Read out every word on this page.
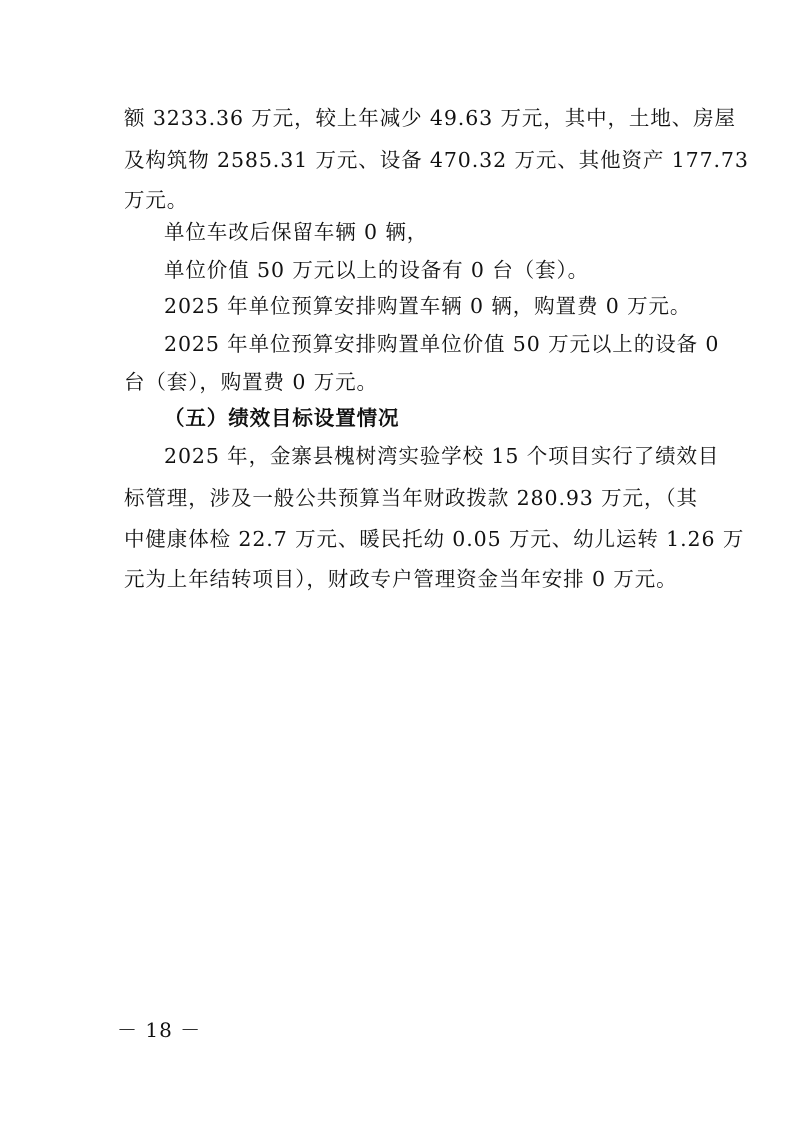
额 3233.36 万元，较上年减少 49.63 万元，其中，土地、房屋
及构筑物 2585.31 万元、设备 470.32 万元、其他资产 177.73
万元。
单位车改后保留车辆 0 辆，
单位价值 50 万元以上的设备有 0 台（套）。
2025 年单位预算安排购置车辆 0 辆，购置费 0 万元。
2025 年单位预算安排购置单位价值 50 万元以上的设备 0
台（套），购置费 0 万元。
（五）绩效目标设置情况
2025 年，金寨县槐树湾实验学校 15 个项目实行了绩效目
标管理，涉及一般公共预算当年财政拨款 280.93 万元，（其
中健康体检 22.7 万元、暖民托幼 0.05 万元、幼儿运转 1.26 万
元为上年结转项目），财政专户管理资金当年安排 0 万元。
－ 18 －
